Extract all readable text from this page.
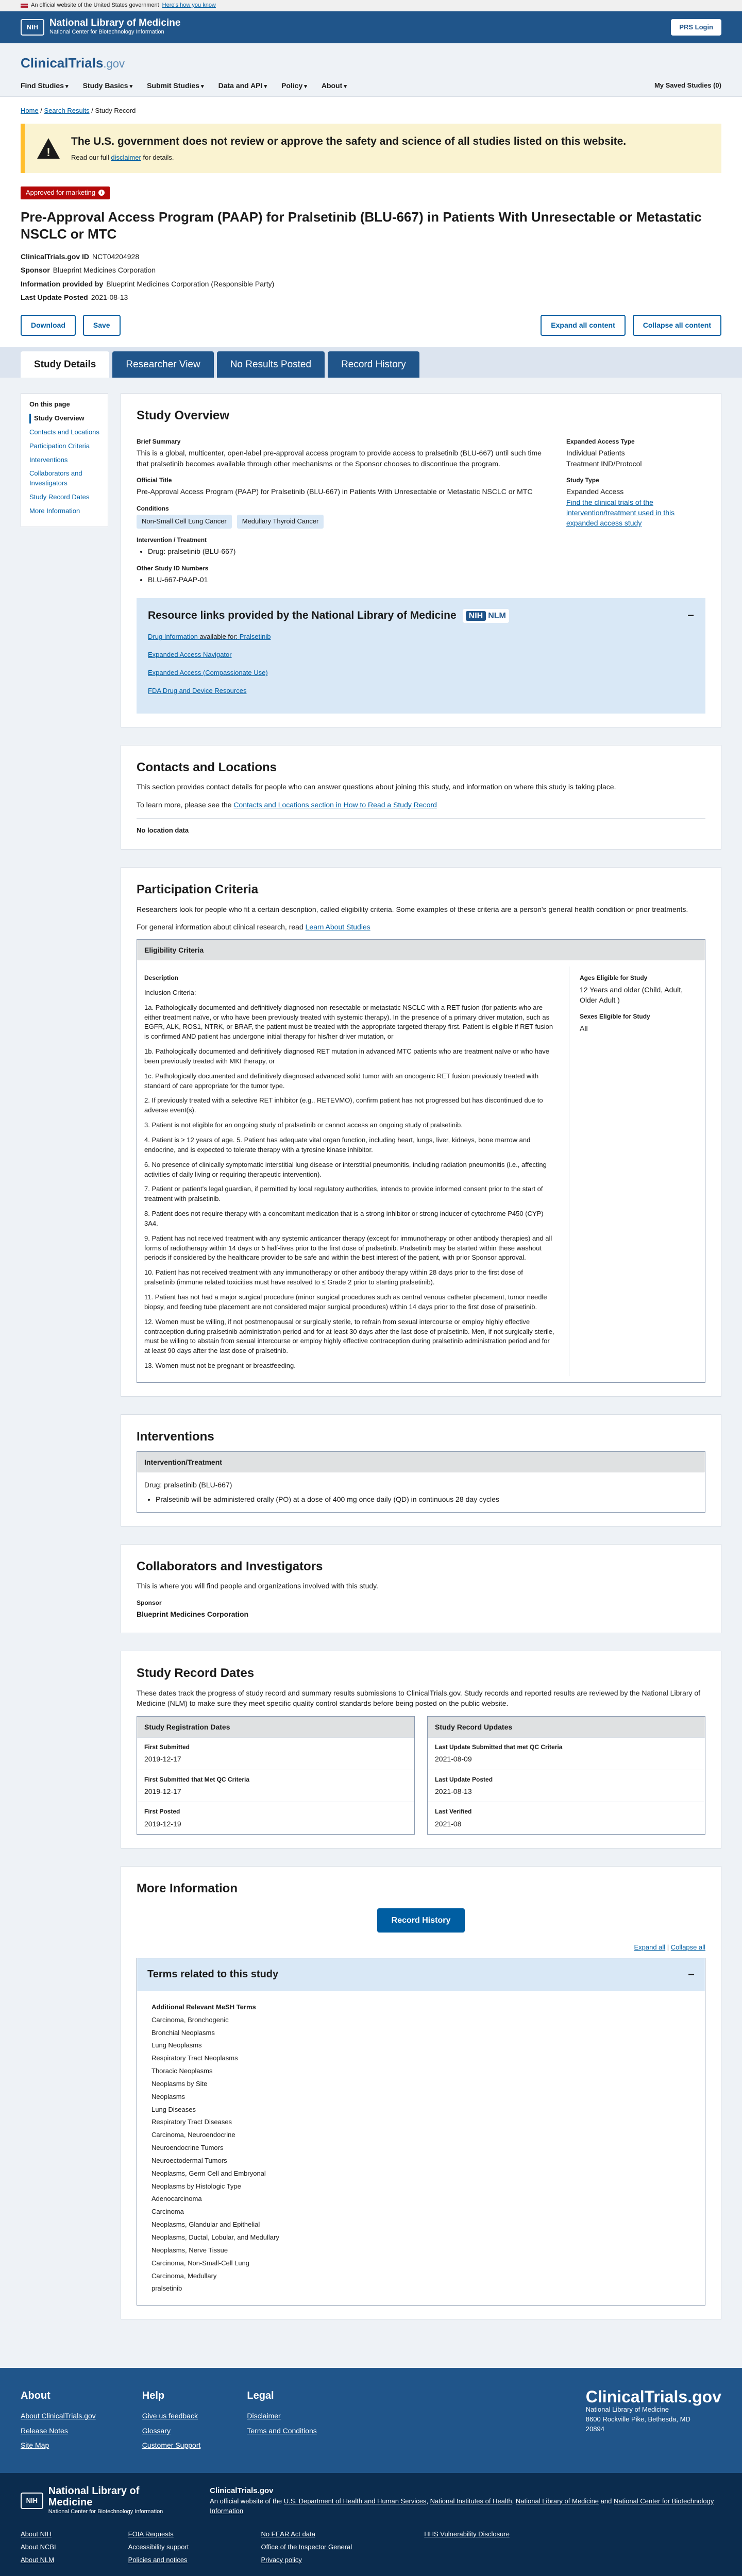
An official website of the United States government Here's how you know
NIH	National Library of Medicine
National Center for Biotechnology Information
PRS Login
ClinicalTrials.gov
Find Studies ▾	Study Basics ▾	Submit Studies ▾	Data and API ▾	Policy ▾	About ▾	My Saved Studies (0)
Home / Search Results / Study Record
!
The U.S. government does not review or approve the safety and science of all studies listed on this website.

Read our full disclaimer for details.

Approved for marketing	i
Pre-Approval Access Program (PAAP) for Pralsetinib (BLU-667) in Patients With Unresectable or Metastatic NSCLC or MTC
ClinicalTrials.gov ID NCT04204928
Sponsor Blueprint Medicines Corporation
Information provided by Blueprint Medicines Corporation (Responsible Party)
Last Update Posted 2021-08-13
Download	Save	Expand all content	Collapse all content
Study Details	Researcher View	No Results Posted	Record History
On this page
Study Overview
Contacts and Locations
Participation Criteria
Interventions
Collaborators and Investigators
Study Record Dates
More Information
Study Overview
Brief Summary

This is a global, multicenter, open-label pre-approval access program to provide access to pralsetinib (BLU-667) until such time that pralsetinib becomes available through other mechanisms or the Sponsor chooses to discontinue the program.

Official Title

Pre-Approval Access Program (PAAP) for Pralsetinib (BLU-667) in Patients With Unresectable or Metastatic NSCLC or MTC

Conditions
Non-Small Cell Lung Cancer	Medullary Thyroid Cancer
Intervention / Treatment
• Drug: pralsetinib (BLU-667)
Other Study ID Numbers
• BLU-667-PAAP-01
Expanded Access Type
Individual Patients
Treatment IND/Protocol
Study Type
Expanded Access
Find the clinical trials of the intervention/treatment used in this expanded access study
Resource links provided by the National Library of Medicine	NIH NLM	−
Drug Information available for: Pralsetinib
Expanded Access Navigator
Expanded Access (Compassionate Use)
FDA Drug and Device Resources
Contacts and Locations

This section provides contact details for people who can answer questions about joining this study, and information on where this study is taking place.

To learn more, please see the Contacts and Locations section in How to Read a Study Record

No location data
Participation Criteria

Researchers look for people who fit a certain description, called eligibility criteria. Some examples of these criteria are a person's general health condition or prior treatments.

For general information about clinical research, read Learn About Studies

Eligibility Criteria
Description

Inclusion Criteria:

1a. Pathologically documented and definitively diagnosed non-resectable or metastatic NSCLC with a RET fusion (for patients who are either treatment naïve, or who have been previously treated with systemic therapy). In the presence of a primary driver mutation, such as EGFR, ALK, ROS1, NTRK, or BRAF, the patient must be treated with the appropriate targeted therapy first. Patient is eligible if RET fusion is confirmed AND patient has undergone initial therapy for his/her driver mutation, or

1b. Pathologically documented and definitively diagnosed RET mutation in advanced MTC patients who are treatment naïve or who have been previously treated with MKI therapy, or

1c. Pathologically documented and definitively diagnosed advanced solid tumor with an oncogenic RET fusion previously treated with standard of care appropriate for the tumor type.

2. If previously treated with a selective RET inhibitor (e.g., RETEVMO), confirm patient has not progressed but has discontinued due to adverse event(s).

3. Patient is not eligible for an ongoing study of pralsetinib or cannot access an ongoing study of pralsetinib.

4. Patient is ≥ 12 years of age. 5. Patient has adequate vital organ function, including heart, lungs, liver, kidneys, bone marrow and endocrine, and is expected to tolerate therapy with a tyrosine kinase inhibitor.

6. No presence of clinically symptomatic interstitial lung disease or interstitial pneumonitis, including radiation pneumonitis (i.e., affecting activities of daily living or requiring therapeutic intervention).

7. Patient or patient's legal guardian, if permitted by local regulatory authorities, intends to provide informed consent prior to the start of treatment with pralsetinib.

8. Patient does not require therapy with a concomitant medication that is a strong inhibitor or strong inducer of cytochrome P450 (CYP) 3A4.

9. Patient has not received treatment with any systemic anticancer therapy (except for immunotherapy or other antibody therapies) and all forms of radiotherapy within 14 days or 5 half-lives prior to the first dose of pralsetinib. Pralsetinib may be started within these washout periods if considered by the healthcare provider to be safe and within the best interest of the patient, with prior Sponsor approval.

10. Patient has not received treatment with any immunotherapy or other antibody therapy within 28 days prior to the first dose of pralsetinib (immune related toxicities must have resolved to ≤ Grade 2 prior to starting pralsetinib).

11. Patient has not had a major surgical procedure (minor surgical procedures such as central venous catheter placement, tumor needle biopsy, and feeding tube placement are not considered major surgical procedures) within 14 days prior to the first dose of pralsetinib.

12. Women must be willing, if not postmenopausal or surgically sterile, to refrain from sexual intercourse or employ highly effective contraception during pralsetinib administration period and for at least 30 days after the last dose of pralsetinib. Men, if not surgically sterile, must be willing to abstain from sexual intercourse or employ highly effective contraception during pralsetinib administration period and for at least 90 days after the last dose of pralsetinib.

13. Women must not be pregnant or breastfeeding.

Ages Eligible for Study
12 Years and older (Child, Adult, Older Adult )
Sexes Eligible for Study
All
Interventions
Intervention/Treatment
Drug: pralsetinib (BLU-667)
• Pralsetinib will be administered orally (PO) at a dose of 400 mg once daily (QD) in continuous 28 day cycles
Collaborators and Investigators

This is where you will find people and organizations involved with this study.

Sponsor
Blueprint Medicines Corporation
Study Record Dates

These dates track the progress of study record and summary results submissions to ClinicalTrials.gov. Study records and reported results are reviewed by the National Library of Medicine (NLM) to make sure they meet specific quality control standards before being posted on the public website.

Study Registration Dates
First Submitted
2019-12-17
First Submitted that Met QC Criteria
2019-12-17
First Posted
2019-12-19
Study Record Updates
Last Update Submitted that met QC Criteria
2021-08-09
Last Update Posted
2021-08-13
Last Verified
2021-08
More Information
Record History
Expand all | Collapse all
Terms related to this study	−
Additional Relevant MeSH Terms
Carcinoma, Bronchogenic
Bronchial Neoplasms
Lung Neoplasms
Respiratory Tract Neoplasms
Thoracic Neoplasms
Neoplasms by Site
Neoplasms
Lung Diseases
Respiratory Tract Diseases
Carcinoma, Neuroendocrine
Neuroendocrine Tumors
Neuroectodermal Tumors
Neoplasms, Germ Cell and Embryonal
Neoplasms by Histologic Type
Adenocarcinoma
Carcinoma
Neoplasms, Glandular and Epithelial
Neoplasms, Ductal, Lobular, and Medullary
Neoplasms, Nerve Tissue
Carcinoma, Non-Small-Cell Lung
Carcinoma, Medullary
pralsetinib
About
About ClinicalTrials.gov
Release Notes
Site Map
Help
Give us feedback
Glossary
Customer Support
Legal
Disclaimer
Terms and Conditions
ClinicalTrials.gov
National Library of Medicine
8600 Rockville Pike, Bethesda, MD
20894
NIH
National Library of Medicine
National Center for Biotechnology Information
ClinicalTrials.gov
An official website of the U.S. Department of Health and Human Services, National Institutes of Health, National Library of Medicine and National Center for Biotechnology Information
About NIH
About NCBI
About NLM
FOIA Requests
Accessibility support
Policies and notices
No FEAR Act data
Office of the Inspector General
Privacy policy
HHS Vulnerability Disclosure
